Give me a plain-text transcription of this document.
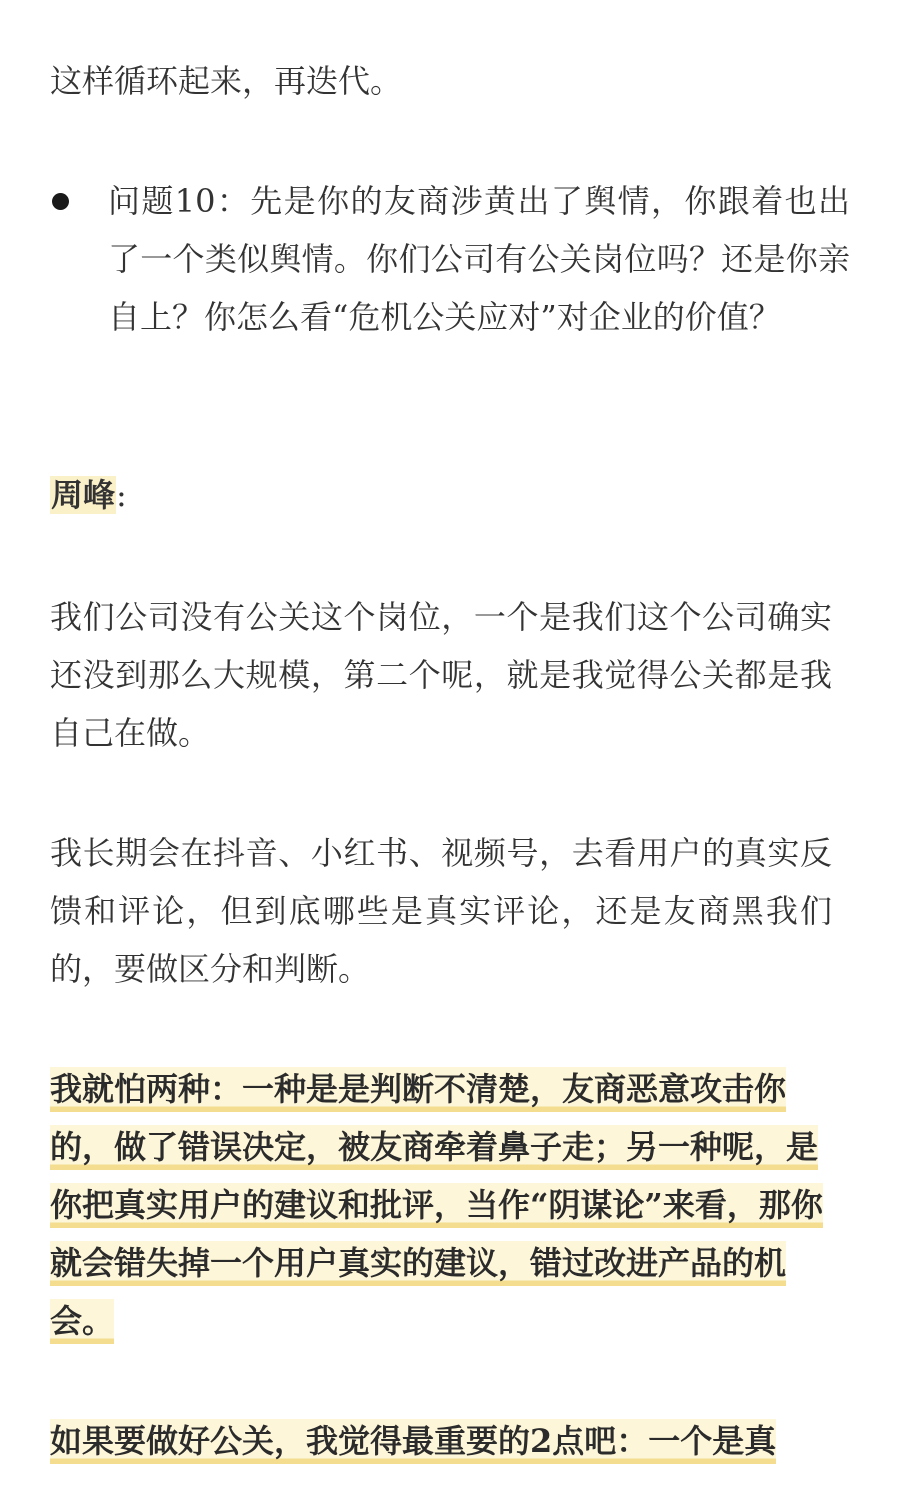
这样循环起来，再迭代。

问题10：先是你的友商涉黄出了舆情，你跟着也出了一个类似舆情。你们公司有公关岗位吗？还是你亲自上？你怎么看“危机公关应对”对企业的价值？

周峰:

我们公司没有公关这个岗位，一个是我们这个公司确实还没到那么大规模，第二个呢，就是我觉得公关都是我自己在做。

我长期会在抖音、小红书、视频号，去看用户的真实反馈和评论，但到底哪些是真实评论，还是友商黑我们的，要做区分和判断。

我就怕两种：一种是是判断不清楚，友商恶意攻击你的，做了错误决定，被友商牵着鼻子走；另一种呢，是你把真实用户的建议和批评，当作“阴谋论”来看，那你就会错失掉一个用户真实的建议，错过改进产品的机会。

如果要做好公关，我觉得最重要的2点吧：一个是真
